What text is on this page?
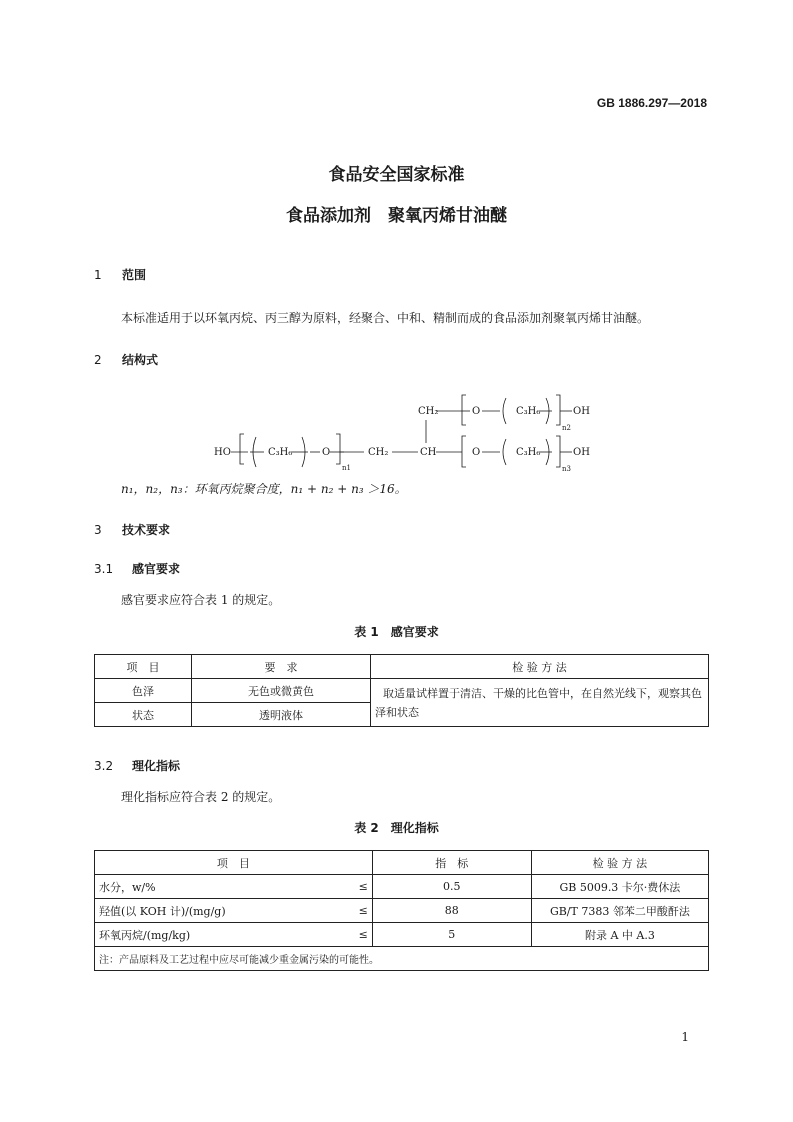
GB 1886.297—2018
食品安全国家标准
食品添加剂　聚氧丙烯甘油醚
1 范围
本标准适用于以环氧丙烷、丙三醇为原料，经聚合、中和、精制而成的食品添加剂聚氧丙烯甘油醚。
2 结构式
HO	C₃H₆	O
n1
CH₂	CH
CH₂	O	C₃H₆
n2
OH
O	C₃H₆
n3
OH
n₁，n₂，n₃：环氧丙烷聚合度，n₁ + n₂ + n₃ ＞16。
3 技术要求
3.1 感官要求
感官要求应符合表 1 的规定。
表 1　感官要求
项　目	要　求	检 验 方 法
色泽	无色或微黄色	取适量试样置于清洁、干燥的比色管中，在自然光线下，观察其色泽和状态
状态	透明液体	
3.2 理化指标
理化指标应符合表 2 的规定。
表 2　理化指标
项　目		指　标	检 验 方 法
水分，w/%	≤	0.5	GB 5009.3 卡尔·费休法
羟值(以 KOH 计)/(mg/g)	≤	88	GB/T 7383 邻苯二甲酸酐法
环氧丙烷/(mg/kg)	≤	5	附录 A 中 A.3
注：产品原料及工艺过程中应尽可能减少重金属污染的可能性。			
1
